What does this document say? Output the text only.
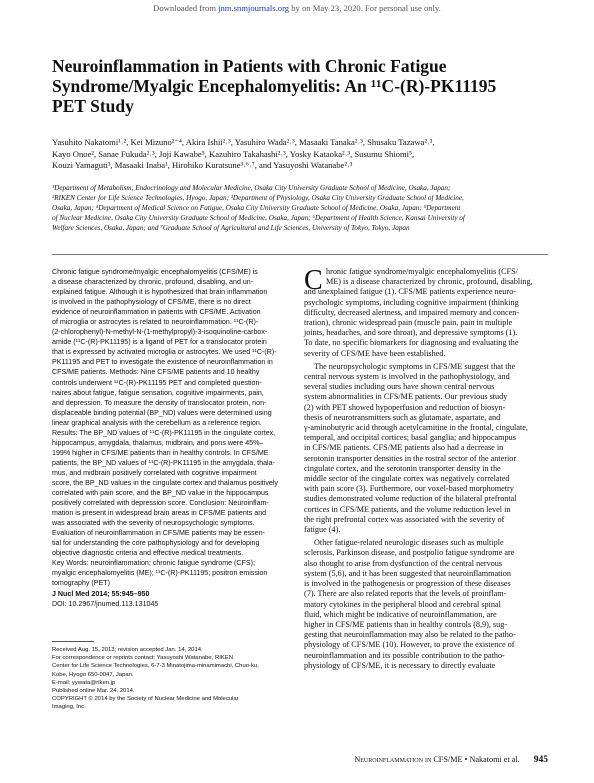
Downloaded from jnm.snmjournals.org by on May 23, 2020. For personal use only.
Neuroinflammation in Patients with Chronic Fatigue
Syndrome/Myalgic Encephalomyelitis: An ¹¹C-(R)-PK11195
PET Study
Yasuhito Nakatomi¹˒², Kei Mizuno²⁻⁴, Akira Ishii²˒³, Yasuhiro Wada²˒³, Masaaki Tanaka²˒³, Shusaku Tazawa²˒³,
Kayo Onoe², Sanae Fukuda²˒³, Joji Kawabe⁵, Kazuhiro Takahashi²˒³, Yosky Kataoka²˒³, Susumu Shiomi⁵,
Kouzi Yamaguti³, Masaaki Inaba¹, Hirohiko Kuratsune³˒⁶˒⁷, and Yasuyoshi Watanabe²˒³
¹Department of Metabolism, Endocrinology and Molecular Medicine, Osaka City University Graduate School of Medicine, Osaka, Japan;
²RIKEN Center for Life Science Technologies, Hyogo, Japan; ³Department of Physiology, Osaka City University Graduate School of Medicine,
Osaka, Japan; ⁴Department of Medical Science on Fatigue, Osaka City University Graduate School of Medicine, Osaka, Japan; ⁵Department
of Nuclear Medicine, Osaka City University Graduate School of Medicine, Osaka, Japan; ⁶Department of Health Science, Kansai University of
Welfare Sciences, Osaka, Japan; and ⁷Graduate School of Agricultural and Life Sciences, University of Tokyo, Tokyo, Japan
Chronic fatigue syndrome/myalgic encephalomyelitis (CFS/ME) is
a disease characterized by chronic, profound, disabling, and un-
explained fatigue. Although it is hypothesized that brain inflammation
is involved in the pathophysiology of CFS/ME, there is no direct
evidence of neuroinflammation in patients with CFS/ME. Activation
of microglia or astrocytes is related to neuroinflammation. ¹¹C-(R)-
(2-chlorophenyl)-N-methyl-N-(1-methylpropyl)-3-isoquinoline-carbox-
amide (¹¹C-(R)-PK11195) is a ligand of PET for a translocator protein
that is expressed by activated microglia or astrocytes. We used ¹¹C-(R)-
PK11195 and PET to investigate the existence of neuroinflammation in
CFS/ME patients. Methods: Nine CFS/ME patients and 10 healthy
controls underwent ¹¹C-(R)-PK11195 PET and completed question-
naires about fatigue, fatigue sensation, cognitive impairments, pain,
and depression. To measure the density of translocator protein, non-
displaceable binding potential (BP_ND) values were determined using
linear graphical analysis with the cerebellum as a reference region.
Results: The BP_ND values of ¹¹C-(R)-PK11195 in the cingulate cortex,
hippocampus, amygdala, thalamus, midbrain, and pons were 45%–
199% higher in CFS/ME patients than in healthy controls. In CFS/ME
patients, the BP_ND values of ¹¹C-(R)-PK11195 in the amygdala, thala-
mus, and midbrain positively correlated with cognitive impairment
score, the BP_ND values in the cingulate cortex and thalamus positively
correlated with pain score, and the BP_ND value in the hippocampus
positively correlated with depression score. Conclusion: Neuroinflam-
mation is present in widespread brain areas in CFS/ME patients and
was associated with the severity of neuropsychologic symptoms.
Evaluation of neuroinflammation in CFS/ME patients may be essen-
tial for understanding the core pathophysiology and for developing
objective diagnostic criteria and effective medical treatments.
Key Words: neuroinflammation; chronic fatigue syndrome (CFS);
myalgic encephalomyelitis (ME); ¹¹C-(R)-PK11195; positron emission
tomography (PET)
J Nucl Med 2014; 55:945–950
DOI: 10.2967/jnumed.113.131045
Received Aug. 15, 2013; revision accepted Jan. 14, 2014.
For correspondence or reprints contact: Yasuyoshi Watanabe, RIKEN
Center for Life Science Technologies, 6-7-3 Minatojima-minamimachi, Chuo-ku,
Kobe, Hyogo 650-0047, Japan.
E-mail: yywata@riken.jp
Published online Mar. 24, 2014.
COPYRIGHT © 2014 by the Society of Nuclear Medicine and Molecular
Imaging, Inc.
C hronic fatigue syndrome/myalgic encephalomyelitis (CFS/
ME) is a disease characterized by chronic, profound, disabling,
and unexplained fatigue (1). CFS/ME patients experience neuro-
psychologic symptoms, including cognitive impairment (thinking
difficulty, decreased alertness, and impaired memory and concen-
tration), chronic widespread pain (muscle pain, pain in multiple
joints, headaches, and sore throat), and depressive symptoms (1).
To date, no specific biomarkers for diagnosing and evaluating the
severity of CFS/ME have been established.
The neuropsychologic symptoms in CFS/ME suggest that the
central nervous system is involved in the pathophysiology, and
several studies including ours have shown central nervous
system abnormalities in CFS/ME patients. Our previous study
(2) with PET showed hypoperfusion and reduction of biosyn-
thesis of neurotransmitters such as glutamate, aspartate, and
γ-aminobutyric acid through acetylcarnitine in the frontal, cingulate,
temporal, and occipital cortices; basal ganglia; and hippocampus
in CFS/ME patients. CFS/ME patients also had a decrease in
serotonin transporter densities in the rostral sector of the anterior
cingulate cortex, and the serotonin transporter density in the
middle sector of the cingulate cortex was negatively correlated
with pain score (3). Furthermore, our voxel-based morphometry
studies demonstrated volume reduction of the bilateral prefrontal
cortices in CFS/ME patients, and the volume reduction level in
the right prefrontal cortex was associated with the severity of
fatigue (4).
Other fatigue-related neurologic diseases such as multiple
sclerosis, Parkinson disease, and postpolio fatigue syndrome are
also thought to arise from dysfunction of the central nervous
system (5,6), and it has been suggested that neuroinflammation
is involved in the pathogenesis or progression of these diseases
(7). There are also related reports that the levels of proinflam-
matory cytokines in the peripheral blood and cerebral spinal
fluid, which might be indicative of neuroinflammation, are
higher in CFS/ME patients than in healthy controls (8,9), sug-
gesting that neuroinflammation may also be related to the patho-
physiology of CFS/ME (10). However, to prove the existence of
neuroinflammation and its possible contribution to the patho-
physiology of CFS/ME, it is necessary to directly evaluate
Neuroinflammation in CFS/ME • Nakatomi et al. 945
